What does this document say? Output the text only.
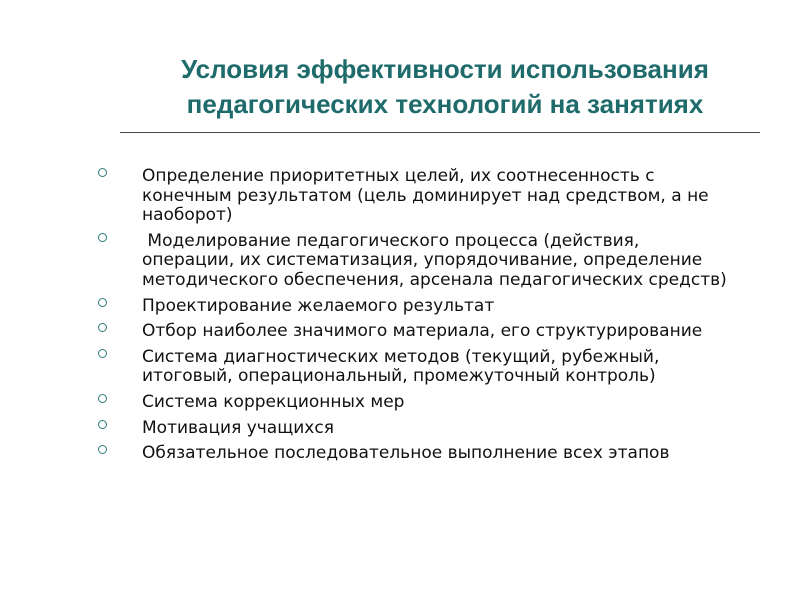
Условия эффективности использования
педагогических технологий на занятиях
Определение приоритетных целей, их соотнесенность с конечным результатом (цель доминирует над средством, а не наоборот)
Моделирование педагогического процесса (действия, операции, их систематизация, упорядочивание, определение методического обеспечения, арсенала педагогических средств)
Проектирование желаемого результат
Отбор наиболее значимого материала, его структурирование
Система диагностических методов (текущий, рубежный, итоговый, операциональный, промежуточный контроль)
Система коррекционных мер
Мотивация учащихся
Обязательное последовательное выполнение всех этапов
